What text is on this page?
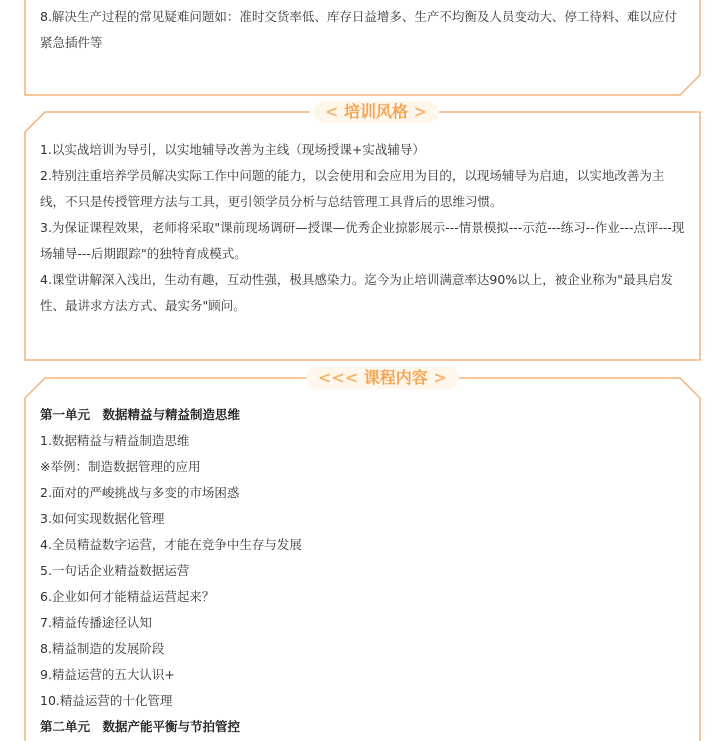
8.解决生产过程的常见疑难问题如：准时交货率低、库存日益增多、生产不均衡及人员变动大、停工待料、难以应付紧急插件等

< 培训风格 >

1.以实战培训为导引，以实地辅导改善为主线（现场授课+实战辅导）

2.特别注重培养学员解决实际工作中问题的能力，以会使用和会应用为目的，以现场辅导为启迪，以实地改善为主线，不只是传授管理方法与工具，更引领学员分析与总结管理工具背后的思维习惯。

3.为保证课程效果，老师将采取"课前现场调研—授课—优秀企业掠影展示---情景模拟---示范---练习--作业---点评---现场辅导---后期跟踪"的独特育成模式。

4.课堂讲解深入浅出，生动有趣，互动性强，极具感染力。迄今为止培训满意率达90%以上，被企业称为"最具启发性、最讲求方法方式、最实务"顾问。

<<< 课程内容 >
第一单元　数据精益与精益制造思维
1.数据精益与精益制造思维
※举例：制造数据管理的应用
2.面对的严峻挑战与多变的市场困惑
3.如何实现数据化管理
4.全员精益数字运营，才能在竞争中生存与发展
5.一句话企业精益数据运营
6.企业如何才能精益运营起来？
7.精益传播途径认知
8.精益制造的发展阶段
9.精益运营的五大认识+
10.精益运营的十化管理
第二单元　数据产能平衡与节拍管控
